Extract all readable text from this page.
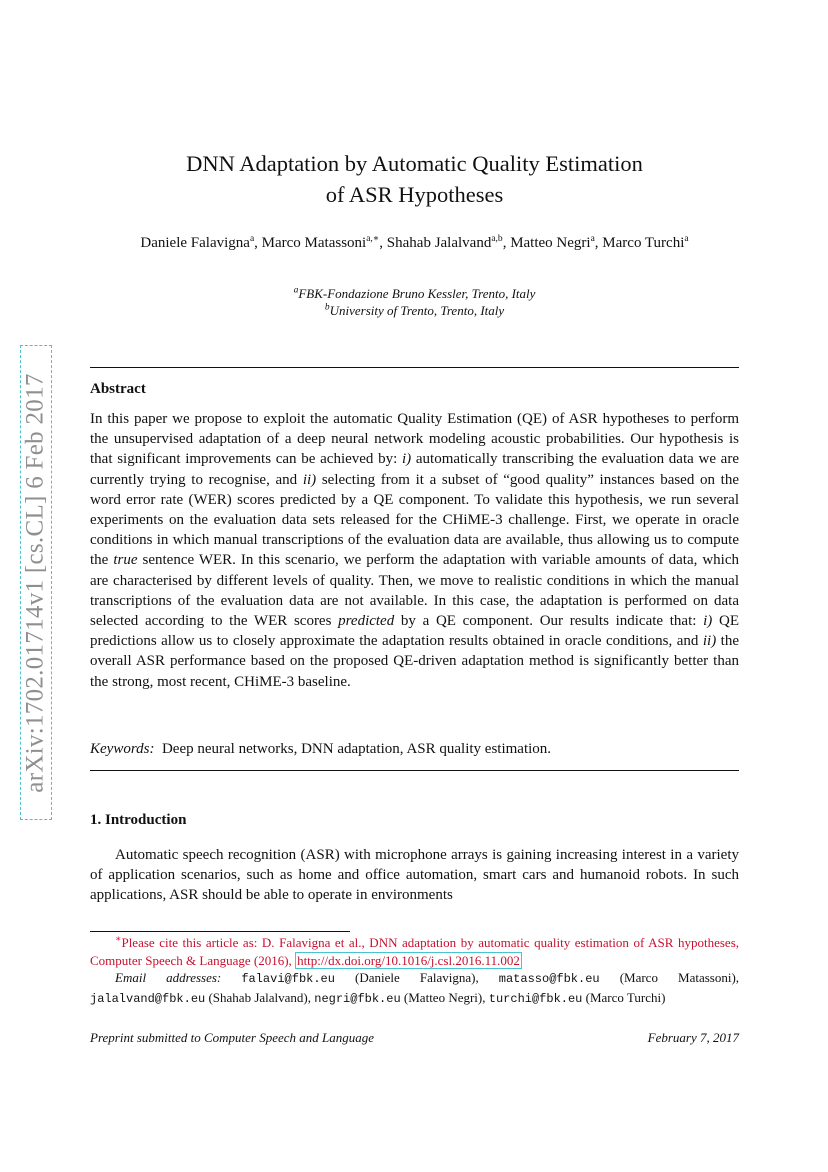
arXiv:1702.01714v1 [cs.CL] 6 Feb 2017
DNN Adaptation by Automatic Quality Estimation
of ASR Hypotheses
Daniele Falavigna$^a$, Marco Matassoni$^{a,∗}$, Shahab Jalalvand$^{a,b}$, Matteo Negri$^a$, Marco Turchi$^a$
$^a$FBK-Fondazione Bruno Kessler, Trento, Italy
$^b$University of Trento, Trento, Italy
Abstract
In this paper we propose to exploit the automatic Quality Estimation (QE) of ASR hypotheses to perform the unsupervised adaptation of a deep neural network modeling acoustic probabilities. Our hypothesis is that significant improvements can be achieved by: i) automatically transcribing the evaluation data we are currently trying to recognise, and ii) selecting from it a subset of “good quality” instances based on the word error rate (WER) scores predicted by a QE component. To validate this hypothesis, we run several experiments on the evaluation data sets released for the CHiME-3 challenge. First, we operate in oracle conditions in which manual transcriptions of the evaluation data are available, thus allowing us to compute the true sentence WER. In this scenario, we perform the adaptation with variable amounts of data, which are characterised by different levels of quality. Then, we move to realistic conditions in which the manual transcriptions of the evaluation data are not available. In this case, the adaptation is performed on data selected according to the WER scores predicted by a QE component. Our results indicate that: i) QE predictions allow us to closely approximate the adaptation results obtained in oracle conditions, and ii) the overall ASR performance based on the proposed QE-driven adaptation method is significantly better than the strong, most recent, CHiME-3 baseline.
Keywords: Deep neural networks, DNN adaptation, ASR quality estimation.
1. Introduction
Automatic speech recognition (ASR) with microphone arrays is gaining increasing interest in a variety of application scenarios, such as home and office automation, smart cars and humanoid robots. In such applications, ASR should be able to operate in environments
∗Please cite this article as: D. Falavigna et al., DNN adaptation by automatic quality estimation of ASR hypotheses, Computer Speech & Language (2016), http://dx.doi.org/10.1016/j.csl.2016.11.002
Email addresses: falavi@fbk.eu (Daniele Falavigna), matasso@fbk.eu (Marco Matassoni), jalalvand@fbk.eu (Shahab Jalalvand), negri@fbk.eu (Matteo Negri), turchi@fbk.eu (Marco Turchi)
Preprint submitted to Computer Speech and Language	February 7, 2017
